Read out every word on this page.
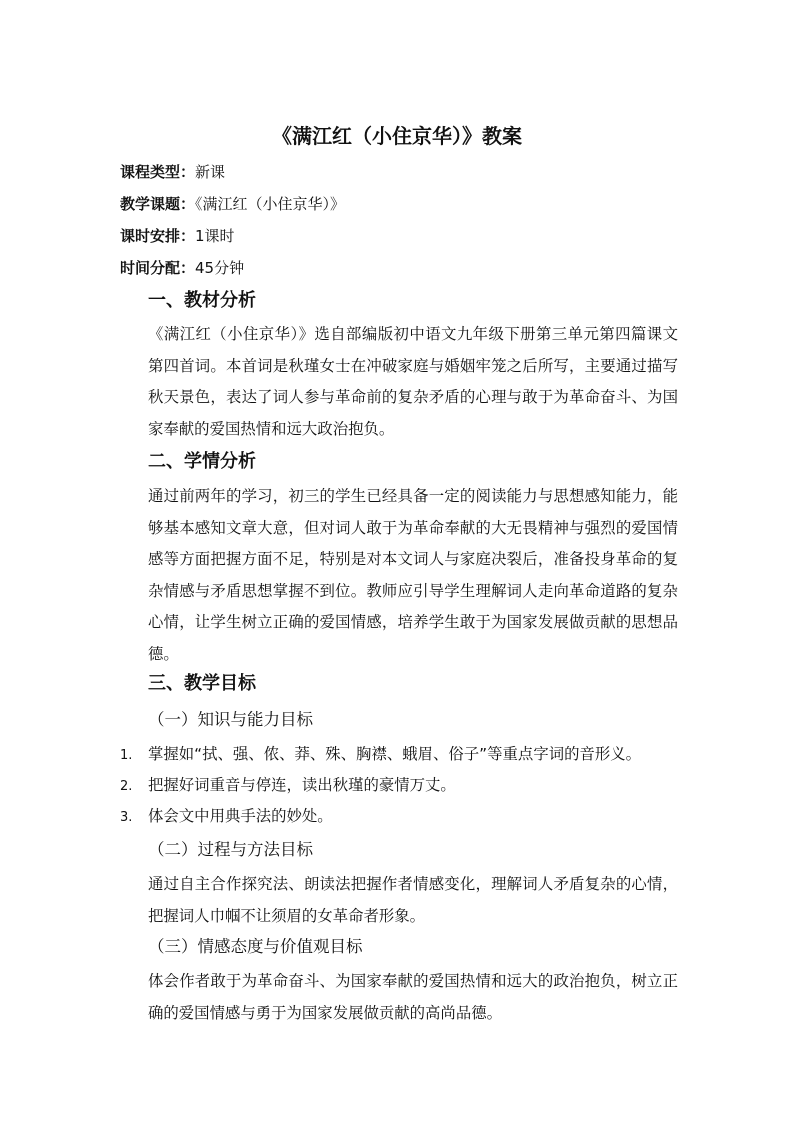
《满江红（小住京华）》教案
课程类型：新课
教学课题：《满江红（小住京华）》
课时安排：1课时
时间分配：45分钟
一、教材分析

《满江红（小住京华）》选自部编版初中语文九年级下册第三单元第四篇课文第四首词。本首词是秋瑾女士在冲破家庭与婚姻牢笼之后所写，主要通过描写秋天景色，表达了词人参与革命前的复杂矛盾的心理与敢于为革命奋斗、为国家奉献的爱国热情和远大政治抱负。

二、学情分析

通过前两年的学习，初三的学生已经具备一定的阅读能力与思想感知能力，能够基本感知文章大意，但对词人敢于为革命奉献的大无畏精神与强烈的爱国情感等方面把握方面不足，特别是对本文词人与家庭决裂后，准备投身革命的复杂情感与矛盾思想掌握不到位。教师应引导学生理解词人走向革命道路的复杂心情，让学生树立正确的爱国情感，培养学生敢于为国家发展做贡献的思想品德。

三、教学目标
（一）知识与能力目标
1. 掌握如“拭、强、侬、莽、殊、胸襟、蛾眉、俗子”等重点字词的音形义。
2. 把握好词重音与停连，读出秋瑾的豪情万丈。
3. 体会文中用典手法的妙处。
（二）过程与方法目标

通过自主合作探究法、朗读法把握作者情感变化，理解词人矛盾复杂的心情，把握词人巾帼不让须眉的女革命者形象。

（三）情感态度与价值观目标

体会作者敢于为革命奋斗、为国家奉献的爱国热情和远大的政治抱负，树立正确的爱国情感与勇于为国家发展做贡献的高尚品德。
